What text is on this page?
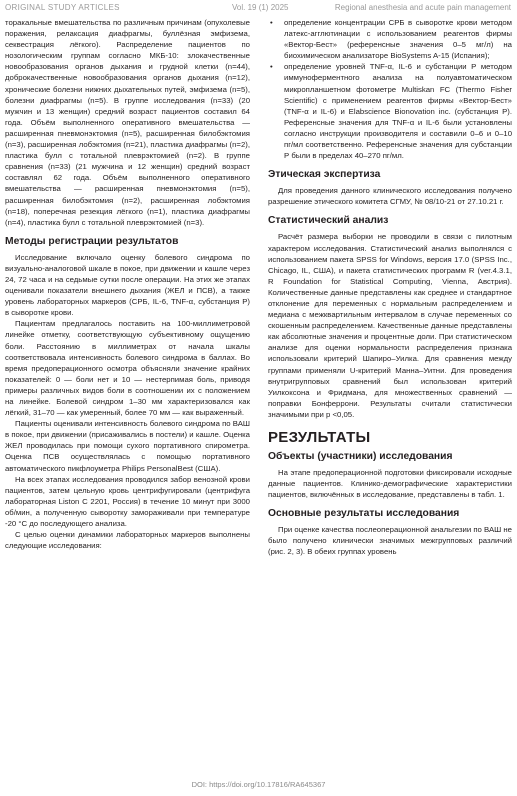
ORIGINAL STUDY ARTICLES	Vol. 19 (1) 2025	Regional anesthesia and acute pain management

торакальные вмешательства по различным причинам (опухолевые поражения, релаксация диафрагмы, буллёзная эмфизема, секвестрация лёгкого). Распределение пациентов по нозологическим группам согласно МКБ-10: злокачественные новообразования органов дыхания и грудной клетки (n=44), доброкачественные новообразования органов дыхания (n=12), хронические болезни нижних дыхательных путей, эмфизема (n=5), болезни диафрагмы (n=5). В группе исследования (n=33) (20 мужчин и 13 женщин) средний возраст пациентов составил 64 года. Объём выполненного оперативного вмешательства — расширенная пневмонэктомия (n=5), расширенная билобэктомия (n=3), расширенная лобэктомия (n=21), пластика диафрагмы (n=2), пластика булл с тотальной плеврэктомией (n=2). В группе сравнения (n=33) (21 мужчина и 12 женщин) средний возраст составлял 62 года. Объём выполненного оперативного вмешательства — расширенная пневмонэктомия (n=5), расширенная билобэктомия (n=2), расширенная лобэктомия (n=18), поперечная резекция лёгкого (n=1), пластика диафрагмы (n=4), пластика булл с тотальной плеврэктомией (n=3).

Методы регистрации результатов

Исследование включало оценку болевого синдрома по визуально-аналоговой шкале в покое, при движении и кашле через 24, 72 часа и на седьмые сутки после операции. На этих же этапах оценивали показатели внешнего дыхания (ЖЕЛ и ПСВ), а также уровень лабораторных маркеров (СРБ, IL-6, TNF-α, субстанция Р) в сыворотке крови.

Пациентам предлагалось поставить на 100-миллиметровой линейке отметку, соответствующую субъективному ощущению боли. Расстоянию в миллиметрах от начала шкалы соответствовала интенсивность болевого синдрома в баллах. Во время предоперационного осмотра объясняли значение крайних показателей: 0 — боли нет и 10 — нестерпимая боль, приводя примеры различных видов боли в соотношении их с положением на линейке. Болевой синдром 1–30 мм характеризовался как лёгкий, 31–70 — как умеренный, более 70 мм — как выраженный.

Пациенты оценивали интенсивность болевого синдрома по ВАШ в покое, при движении (присаживались в постели) и кашле. Оценка ЖЕЛ проводилась при помощи сухого портативного спирометра. Оценка ПСВ осуществлялась с помощью портативного автоматического пикфлоуметра Philips PersonalBest (США).

На всех этапах исследования проводился забор венозной крови пациентов, затем цельную кровь центрифугировали (центрифуга лабораторная Liston C 2201, Россия) в течение 10 минут при 3000 об/мин, а полученную сыворотку замораживали при температуре -20 °С до последующего анализа.

С целью оценки динамики лабораторных маркеров выполнены следующие исследования:

• определение концентрации СРБ в сыворотке крови методом латекс-агглютинации с использованием реагентов фирмы «Вектор-Бест» (референсные значения 0–5 мг/л) на биохимическом анализаторе BioSystems A-15 (Испания);
• определение уровней TNF-α, IL-6 и субстанции Р методом иммуноферментного анализа на полуавтоматическом микропланшетном фотометре Multiskan FC (Thermo Fisher Scientific) с применением реагентов фирмы «Вектор-Бест» (TNF-α и IL-6) и Elabscience Bionovation inc. (субстанция Р). Референсные значения для TNF-α и IL-6 были установлены согласно инструкции производителя и составили 0–6 и 0–10 пг/мл соответственно. Референсные значения для субстанции Р были в пределах 40–270 пг/мл.
Этическая экспертиза

Для проведения данного клинического исследования получено разрешение этического комитета СГМУ, № 08/10-21 от 27.10.21 г.

Статистический анализ

Расчёт размера выборки не проводили в связи с пилотным характером исследования. Статистический анализ выполнялся с использованием пакета SPSS for Windows, версия 17.0 (SPSS Inc., Chicago, IL, США), и пакета статистических программ R (ver.4.3.1, R Foundation for Statistical Computing, Vienna, Австрия). Количественные данные представлены как среднее и стандартное отклонение для переменных с нормальным распределением и медиана с межквартильным интервалом в случае переменных со скошенным распределением. Качественные данные представлены как абсолютные значения и процентные доли. При статистическом анализе для оценки нормальности распределения признака использовали критерий Шапиро–Уилка. Для сравнения между группами применяли U-критерий Манна–Уитни. Для проведения внутригрупповых сравнений был использован критерий Уилкоксона и Фридмана, для множественных сравнений — поправки Бонферрони. Результаты считали статистически значимыми при p <0,05.

РЕЗУЛЬТАТЫ
Объекты (участники) исследования

На этапе предоперационной подготовки фиксировали исходные данные пациентов. Клинико-демографические характеристики пациентов, включённых в исследование, представлены в табл. 1.

Основные результаты исследования

При оценке качества послеоперационной анальгезии по ВАШ не было получено клинически значимых межгрупповых различий (рис. 2, 3). В обеих группах уровень

DOI: https://doi.org/10.17816/RA645367
